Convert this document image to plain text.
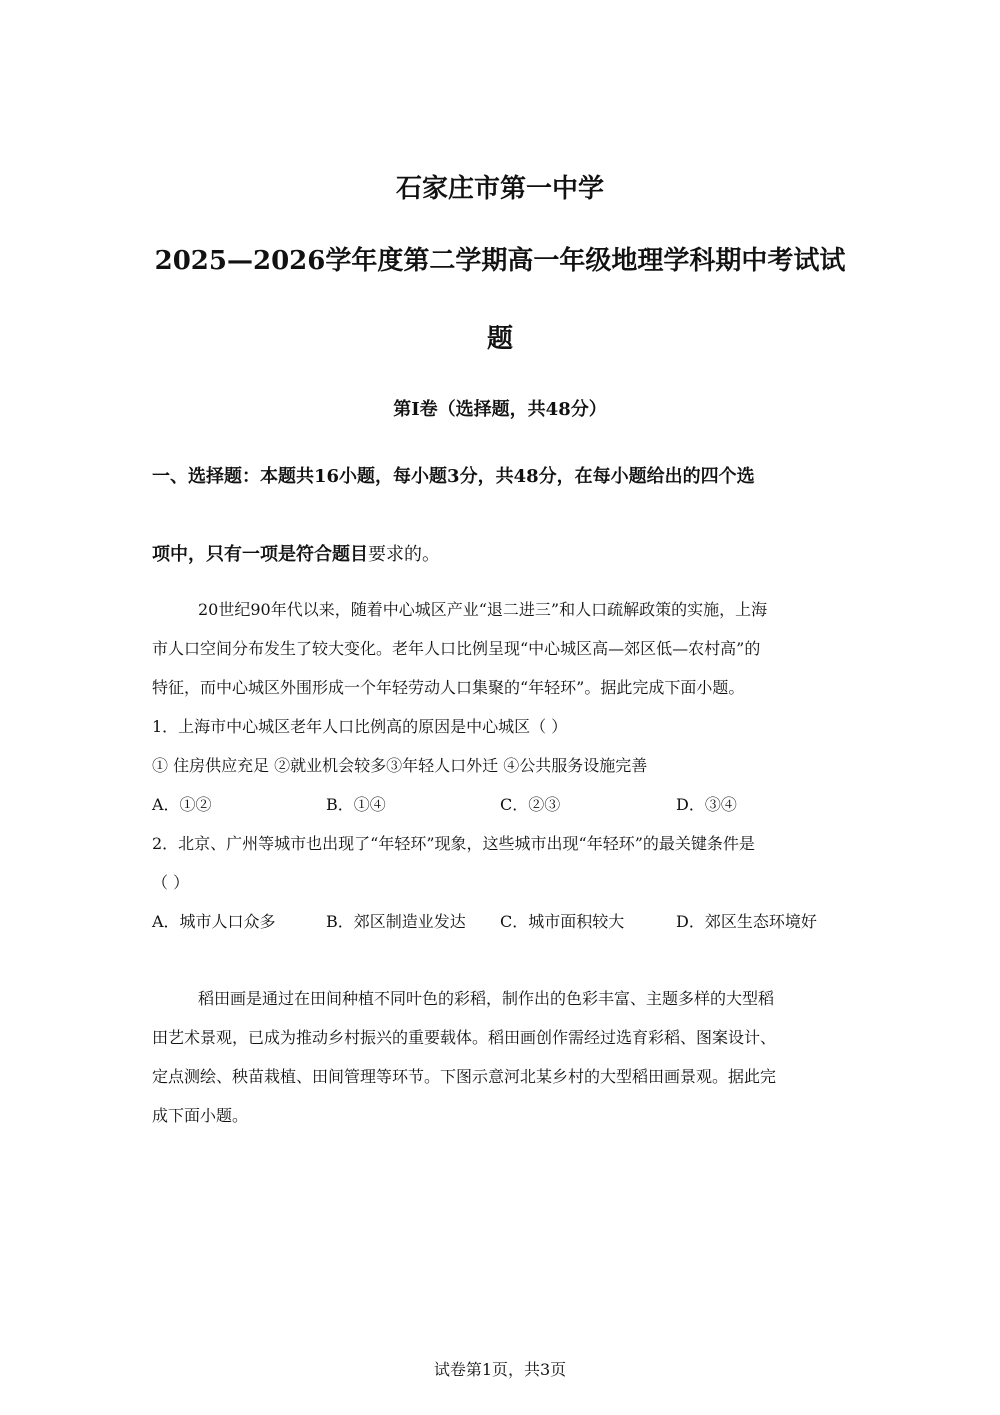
石家庄市第一中学
2025—2026学年度第二学期高一年级地理学科期中考试试
题
第Ⅰ卷（选择题，共48分）
一、选择题：本题共16小题，每小题3分，共48分，在每小题给出的四个选
项中，只有一项是符合题目要求的。
20世纪90年代以来，随着中心城区产业“退二进三”和人口疏解政策的实施，上海
市人口空间分布发生了较大变化。老年人口比例呈现“中心城区高—郊区低—农村高”的
特征，而中心城区外围形成一个年轻劳动人口集聚的“年轻环”。据此完成下面小题。
1．上海市中心城区老年人口比例高的原因是中心城区（ ）
① 住房供应充足 ②就业机会较多③年轻人口外迁 ④公共服务设施完善
A．①②	B．①④	C．②③	D．③④
2．北京、广州等城市也出现了“年轻环”现象，这些城市出现“年轻环”的最关键条件是
（ ）
A．城市人口众多	B．郊区制造业发达 C．城市面积较大	D．郊区生态环境好
稻田画是通过在田间种植不同叶色的彩稻，制作出的色彩丰富、主题多样的大型稻
田艺术景观，已成为推动乡村振兴的重要载体。稻田画创作需经过选育彩稻、图案设计、
定点测绘、秧苗栽植、田间管理等环节。下图示意河北某乡村的大型稻田画景观。据此完
成下面小题。
试卷第1页，共3页
